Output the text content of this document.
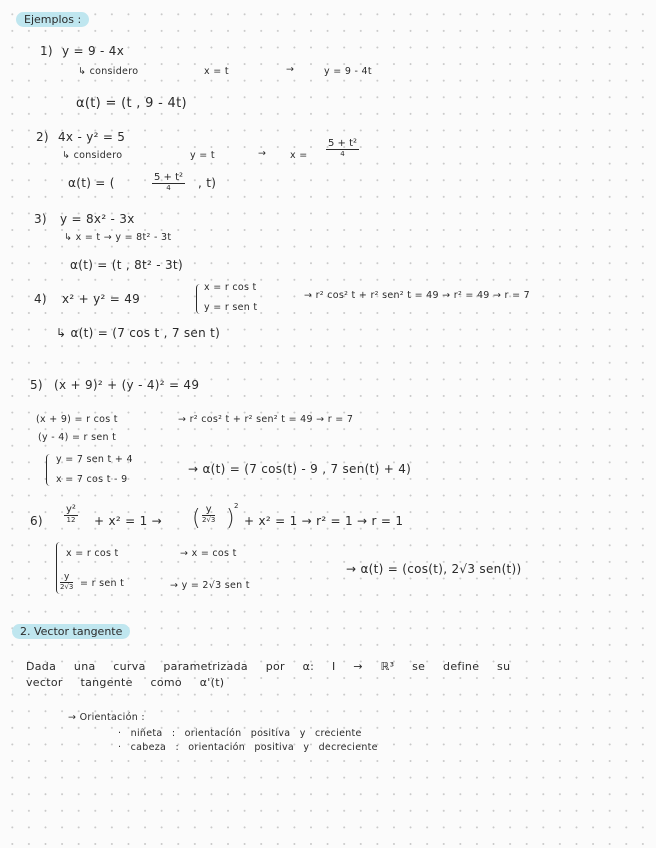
Ejemplos :
1) y = 9 - 4x
↳ considero	x = t	→	y = 9 - 4t
α(t) = (t , 9 - 4t)
2) 4x - y² = 5
↳ considero	y = t	→ x =
5 + t²
4
α(t) = (	5 + t²
4	, t)
3) y = 8x² - 3x
↳ x = t → y = 8t² - 3t
α(t) = (t , 8t² - 3t)
4) x² + y² = 49
x = r cos t
y = r sen t
→ r² cos² t + r² sen² t = 49 → r² = 49 → r = 7
↳ α(t) = (7 cos t , 7 sen t)
5) (x + 9)² + (y - 4)² = 49
(x + 9) = r cos t	→ r² cos² t + r² sen² t = 49 → r = 7
(y - 4) = r sen t
y = 7 sen t + 4
x = 7 cos t - 9
→ α(t) = (7 cos(t) - 9 , 7 sen(t) + 4)
6)
y²
12 + x² = 1 → ( y
2√3 ) 2
+ x² = 1 → r² = 1 → r = 1
x = r cos t	→ x = cos t
y
2√3 = r sen t	→ y = 2√3 sen t
→ α(t) = (cos(t), 2√3 sen(t))
2. Vector tangente
Dada una curva parametrizada por α: I → ℝ³ se define su
vector tangente como α'(t)
→ Orientación :
· niñeta : orientación positiva y creciente
· cabeza : orientación positiva y decreciente
